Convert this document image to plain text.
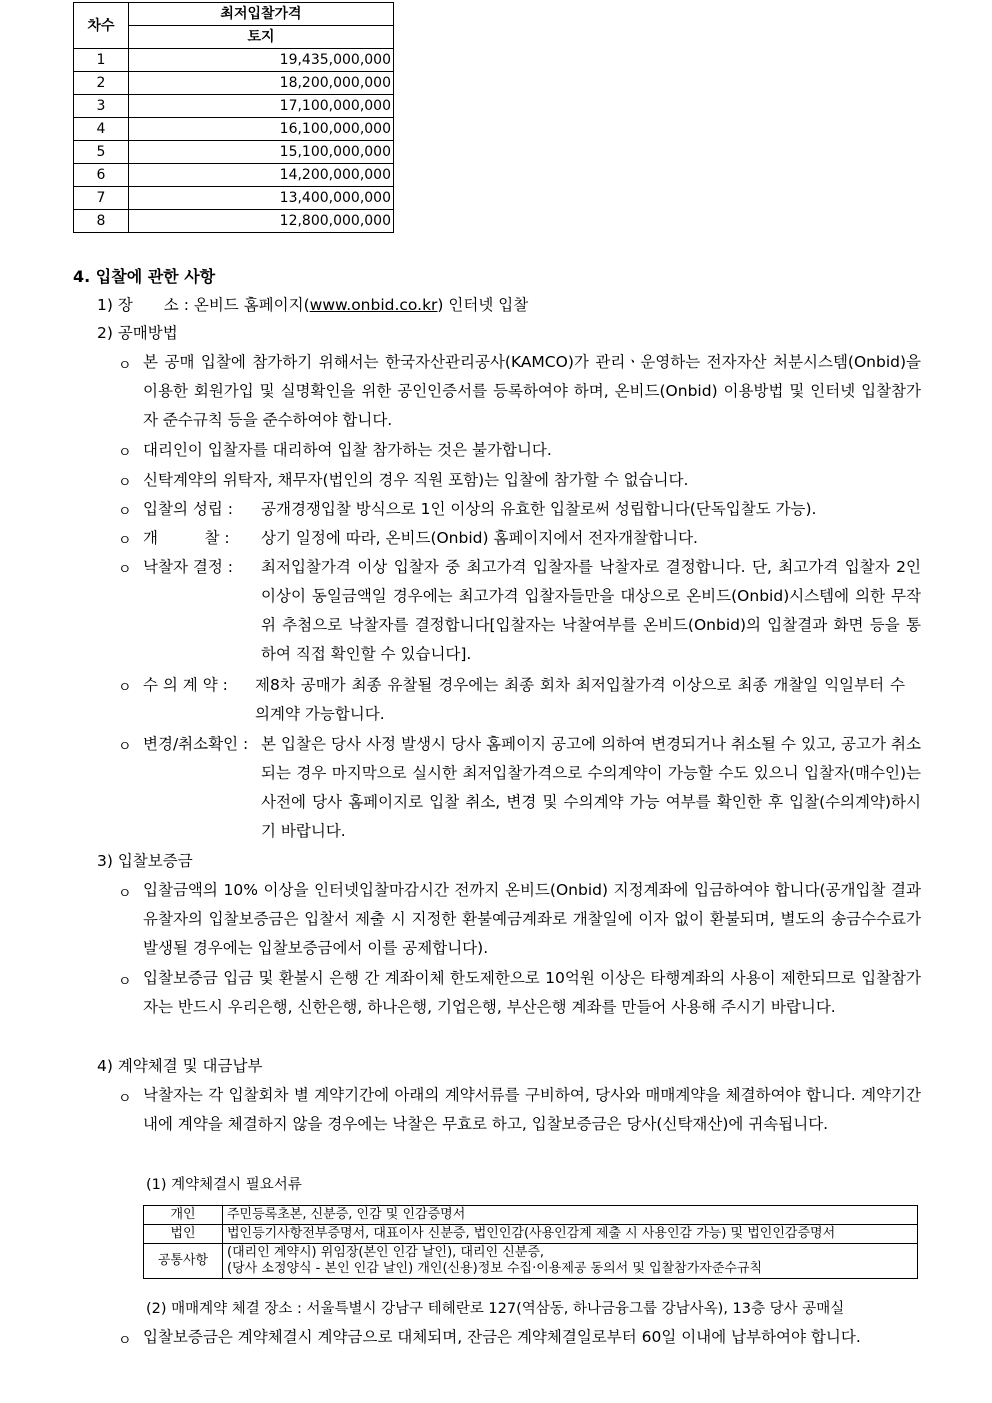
차수	최저입찰가격
	토지
1	19,435,000,000
2	18,200,000,000
3	17,100,000,000
4	16,100,000,000
5	15,100,000,000
6	14,200,000,000
7	13,400,000,000
8	12,800,000,000
4. 입찰에 관한 사항
1) 장　　소 : 온비드 홈페이지(www.onbid.co.kr) 인터넷 입찰
2) 공매방법
ㅇ 본 공매 입찰에 참가하기 위해서는 한국자산관리공사(KAMCO)가 관리ㆍ운영하는 전자자산 처분시스템(Onbid)을 이용한 회원가입 및 실명확인을 위한 공인인증서를 등록하여야 하며, 온비드(Onbid) 이용방법 및 인터넷 입찰참가자 준수규칙 등을 준수하여야 합니다.
ㅇ 대리인이 입찰자를 대리하여 입찰 참가하는 것은 불가합니다.
ㅇ 신탁계약의 위탁자, 채무자(법인의 경우 직원 포함)는 입찰에 참가할 수 없습니다.
ㅇ 입찰의 성립 : 공개경쟁입찰 방식으로 1인 이상의 유효한 입찰로써 성립합니다(단독입찰도 가능).
ㅇ 개　　　찰 : 상기 일정에 따라, 온비드(Onbid) 홈페이지에서 전자개찰합니다.
ㅇ 낙찰자 결정 : 최저입찰가격 이상 입찰자 중 최고가격 입찰자를 낙찰자로 결정합니다. 단, 최고가격 입찰자 2인 이상이 동일금액일 경우에는 최고가격 입찰자들만을 대상으로 온비드(Onbid)시스템에 의한 무작위 추첨으로 낙찰자를 결정합니다[입찰자는 낙찰여부를 온비드(Onbid)의 입찰결과 화면 등을 통하여 직접 확인할 수 있습니다].
ㅇ 수 의 계 약 : 제8차 공매가 최종 유찰될 경우에는 최종 회차 최저입찰가격 이상으로 최종 개찰일 익일부터 수의계약 가능합니다.
ㅇ 변경/취소확인 : 본 입찰은 당사 사정 발생시 당사 홈페이지 공고에 의하여 변경되거나 취소될 수 있고, 공고가 취소되는 경우 마지막으로 실시한 최저입찰가격으로 수의계약이 가능할 수도 있으니 입찰자(매수인)는 사전에 당사 홈페이지로 입찰 취소, 변경 및 수의계약 가능 여부를 확인한 후 입찰(수의계약)하시기 바랍니다.
3) 입찰보증금
ㅇ 입찰금액의 10% 이상을 인터넷입찰마감시간 전까지 온비드(Onbid) 지정계좌에 입금하여야 합니다(공개입찰 결과 유찰자의 입찰보증금은 입찰서 제출 시 지정한 환불예금계좌로 개찰일에 이자 없이 환불되며, 별도의 송금수수료가 발생될 경우에는 입찰보증금에서 이를 공제합니다).
ㅇ 입찰보증금 입금 및 환불시 은행 간 계좌이체 한도제한으로 10억원 이상은 타행계좌의 사용이 제한되므로 입찰참가자는 반드시 우리은행, 신한은행, 하나은행, 기업은행, 부산은행 계좌를 만들어 사용해 주시기 바랍니다.
4) 계약체결 및 대금납부
ㅇ 낙찰자는 각 입찰회차 별 계약기간에 아래의 계약서류를 구비하여, 당사와 매매계약을 체결하여야 합니다. 계약기간 내에 계약을 체결하지 않을 경우에는 낙찰은 무효로 하고, 입찰보증금은 당사(신탁재산)에 귀속됩니다.
(1) 계약체결시 필요서류
개인	주민등록초본, 신분증, 인감 및 인감증명서
법인	법인등기사항전부증명서, 대표이사 신분증, 법인인감(사용인감계 제출 시 사용인감 가능) 및 법인인감증명서
공통사항	(대리인 계약시) 위임장(본인 인감 날인), 대리인 신분증,
(당사 소정양식 - 본인 인감 날인) 개인(신용)정보 수집·이용제공 동의서 및 입찰참가자준수규칙
(2) 매매계약 체결 장소 : 서울특별시 강남구 테헤란로 127(역삼동, 하나금융그룹 강남사옥), 13층 당사 공매실
ㅇ 입찰보증금은 계약체결시 계약금으로 대체되며, 잔금은 계약체결일로부터 60일 이내에 납부하여야 합니다.
